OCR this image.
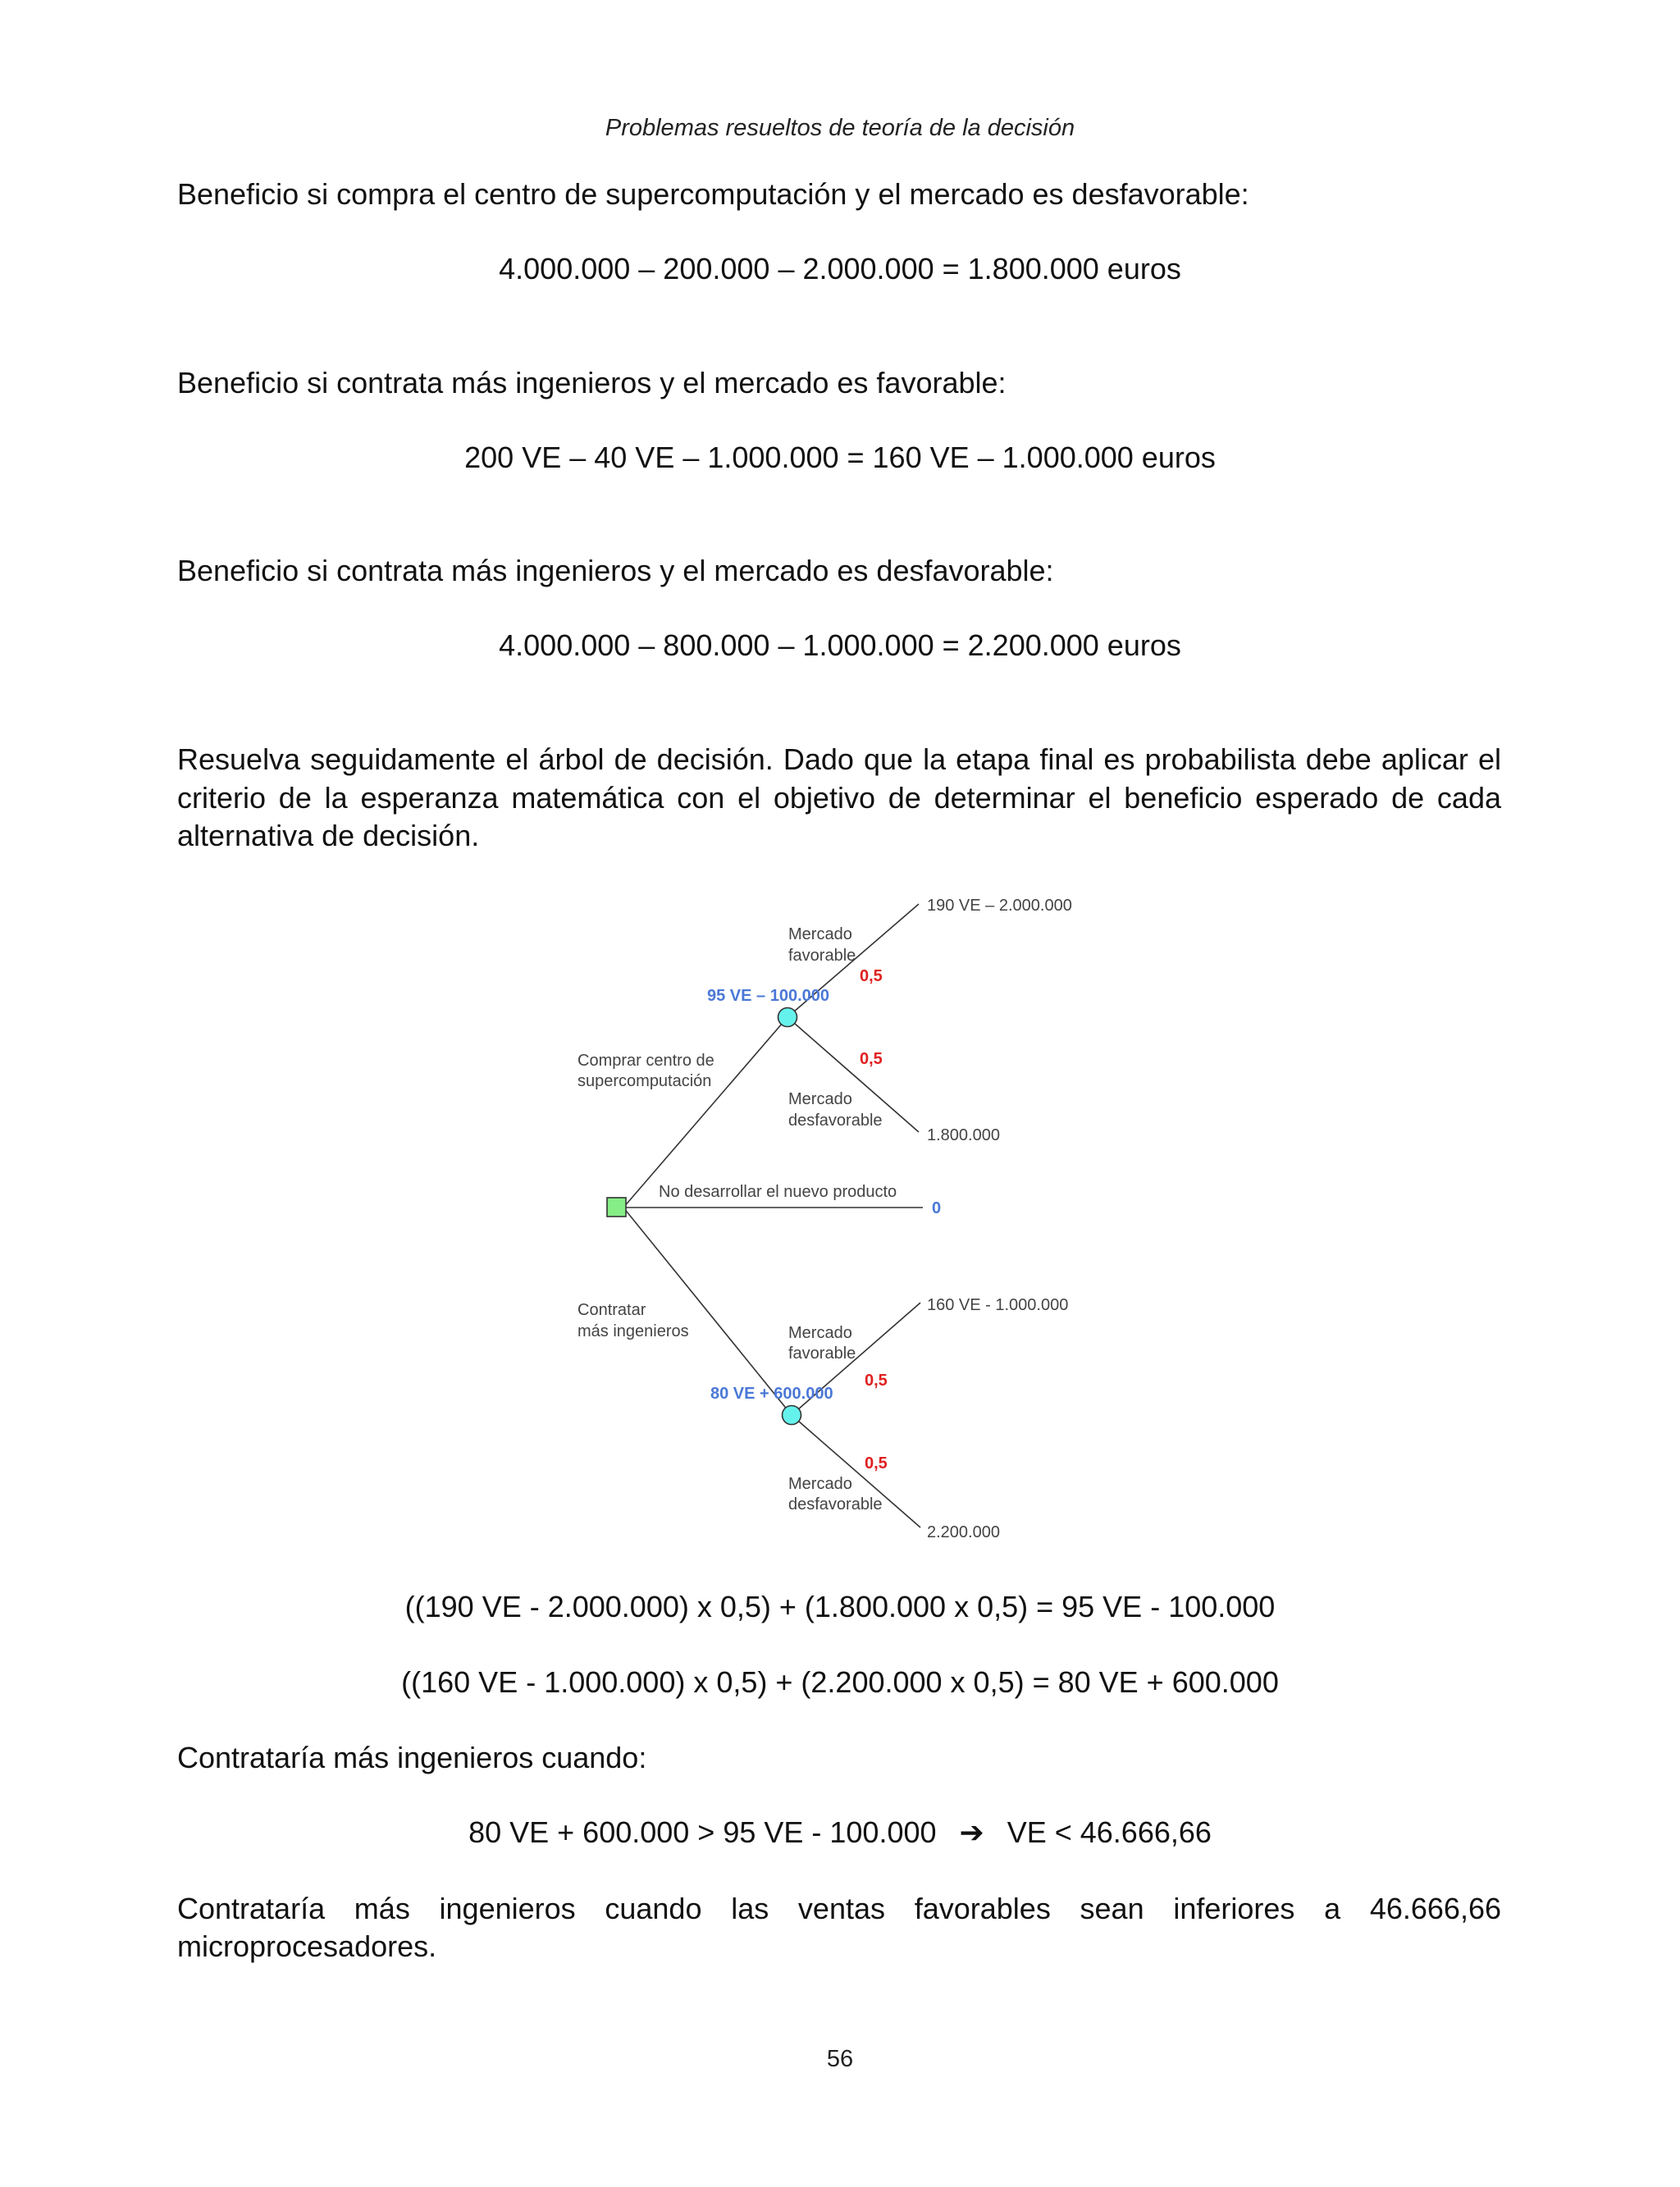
Problemas resueltos de teoría de la decisión
Beneficio si compra el centro de supercomputación y el mercado es desfavorable:
4.000.000 – 200.000 – 2.000.000 = 1.800.000 euros
Beneficio si contrata más ingenieros y el mercado es favorable:
200 VE – 40 VE – 1.000.000 = 160 VE – 1.000.000 euros
Beneficio si contrata más ingenieros y el mercado es desfavorable:
4.000.000 – 800.000 – 1.000.000 = 2.200.000 euros
Resuelva seguidamente el árbol de decisión. Dado que la etapa final es probabilista debe aplicar el
criterio de la esperanza matemática con el objetivo de determinar el beneficio esperado de cada
alternativa de decisión.
Comprar centro de
supercomputación
95 VE – 100.000
Mercado
favorable
0,5
190 VE – 2.000.000
0,5
Mercado
desfavorable
1.800.000
No desarrollar el nuevo producto
0
Contratar
más ingenieros
80 VE + 600.000
Mercado
favorable
0,5
160 VE - 1.000.000
0,5
Mercado
desfavorable
2.200.000
((190 VE - 2.000.000) x 0,5) + (1.800.000 x 0,5) = 95 VE - 100.000
((160 VE - 1.000.000) x 0,5) + (2.200.000 x 0,5) = 80 VE + 600.000
Contrataría más ingenieros cuando:
80 VE + 600.000 > 95 VE - 100.000 ➔ VE < 46.666,66
Contrataría más ingenieros cuando las ventas favorables sean inferiores a 46.666,66
microprocesadores.
56
